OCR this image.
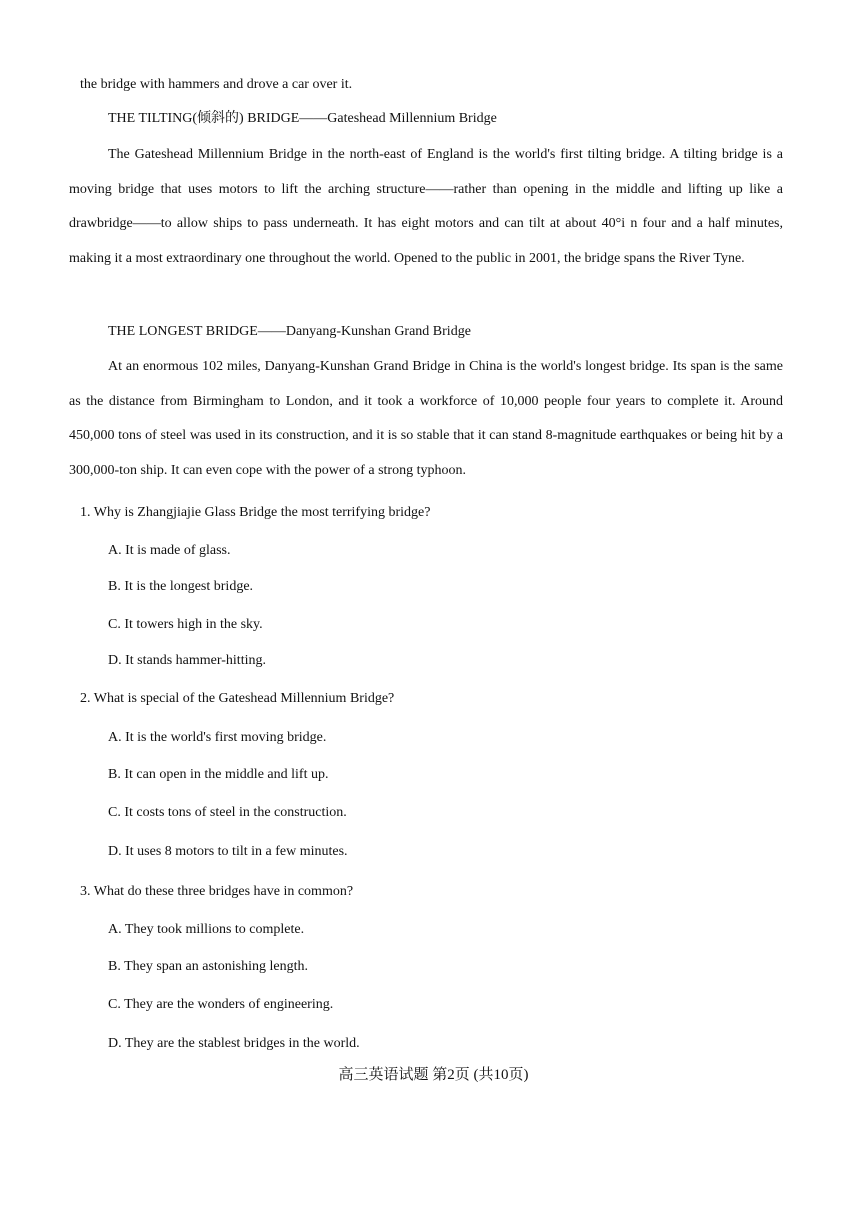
the bridge with hammers and drove a car over it.
THE TILTING(倾斜的) BRIDGE——Gateshead Millennium Bridge
The Gateshead Millennium Bridge in the north-east of England is the world's first tilting bridge. A tilting bridge is a moving bridge that uses motors to lift the arching structure——rather than opening in the middle and lifting up like a drawbridge——to allow ships to pass underneath. It has eight motors and can tilt at about 40°i n four and a half minutes, making it a most extraordinary one throughout the world. Opened to the public in 2001, the bridge spans the River Tyne.
THE LONGEST BRIDGE——Danyang-Kunshan Grand Bridge
At an enormous 102 miles, Danyang-Kunshan Grand Bridge in China is the world's longest bridge. Its span is the same as the distance from Birmingham to London, and it took a workforce of 10,000 people four years to complete it. Around 450,000 tons of steel was used in its construction, and it is so stable that it can stand 8-magnitude earthquakes or being hit by a 300,000-ton ship. It can even cope with the power of a strong typhoon.
1. Why is Zhangjiajie Glass Bridge the most terrifying bridge?
A. It is made of glass.
B. It is the longest bridge.
C. It towers high in the sky.
D. It stands hammer-hitting.
2. What is special of the Gateshead Millennium Bridge?
A. It is the world's first moving bridge.
B. It can open in the middle and lift up.
C. It costs tons of steel in the construction.
D. It uses 8 motors to tilt in a few minutes.
3. What do these three bridges have in common?
A. They took millions to complete.
B. They span an astonishing length.
C. They are the wonders of engineering.
D. They are the stablest bridges in the world.
高三英语试题 第2页 (共10页)
